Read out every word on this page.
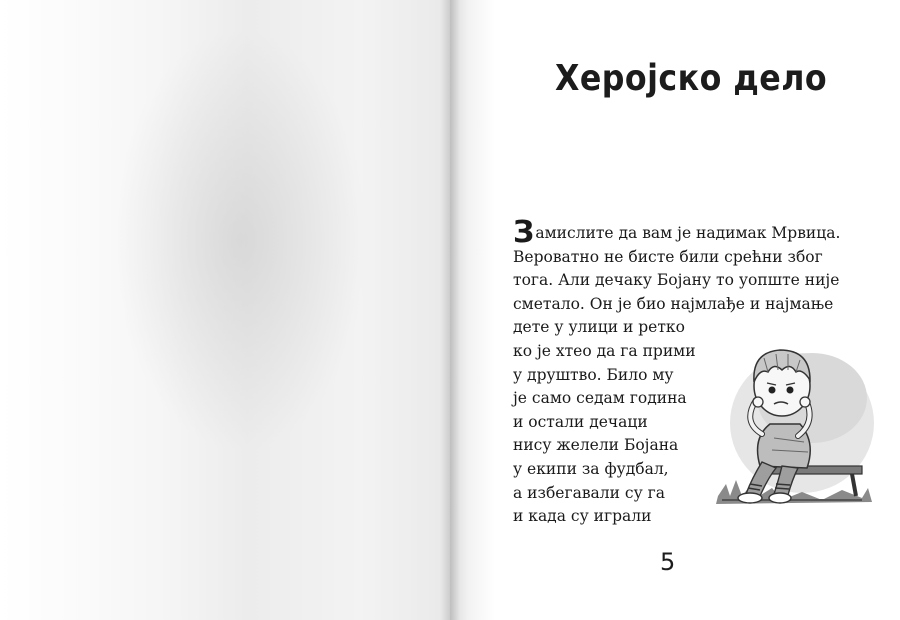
Херојско дело
Замислите да вам је надимак Мрвица.
Вероватно не бисте били срећни због
тога. Али дечаку Бојану то уопште није
сметало. Он је био најмлађе и најмање
дете у улици и ретко
ко је хтео да га прими
у друштво. Било му
је само седам година
и остали дечаци
нису желели Бојана
у екипи за фудбал,
а избегавали су га
и када су играли
5
